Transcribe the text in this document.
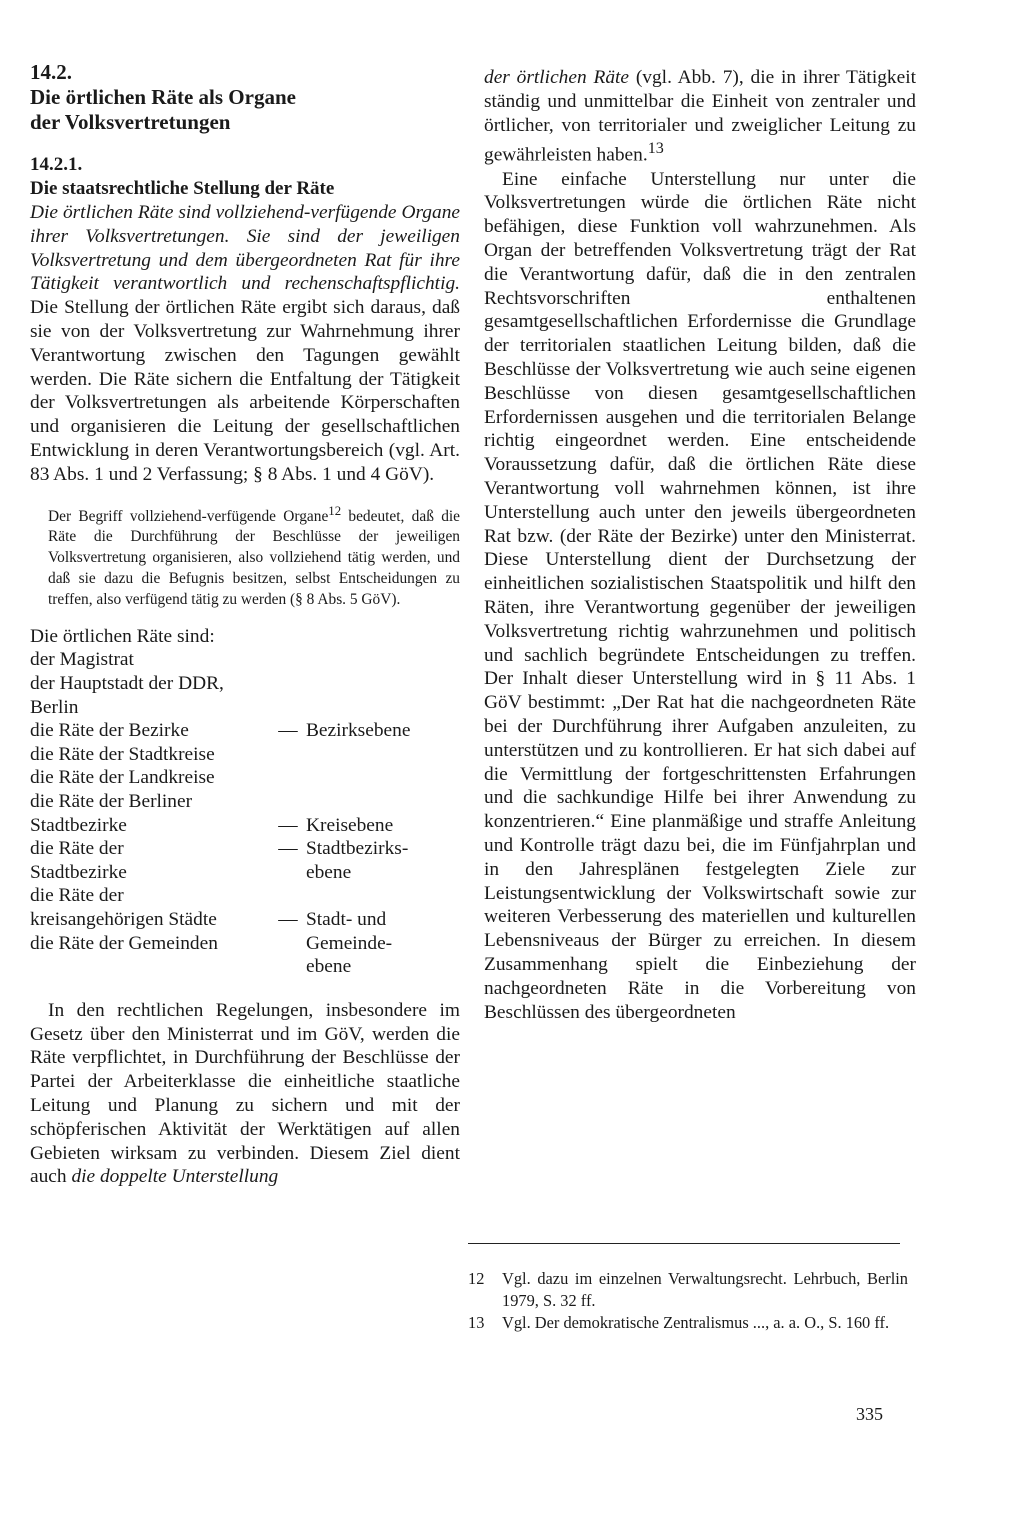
14.2.

Die örtlichen Räte als Organe

der Volksvertretungen

14.2.1.

Die staatsrechtliche Stellung der Räte

Die örtlichen Räte sind vollziehend-verfügende Organe ihrer Volksvertretungen. Sie sind der jeweiligen Volksvertretung und dem übergeordneten Rat für ihre Tätigkeit verantwortlich und rechenschaftspflichtig. Die Stellung der örtlichen Räte ergibt sich daraus, daß sie von der Volksvertretung zur Wahrnehmung ihrer Verantwortung zwischen den Tagungen gewählt werden. Die Räte sichern die Entfaltung der Tätigkeit der Volksvertretungen als arbeitende Körperschaften und organisieren die Leitung der gesellschaftlichen Entwicklung in deren Verantwortungsbereich (vgl. Art. 83 Abs. 1 und 2 Verfassung; § 8 Abs. 1 und 4 GöV).

Der Begriff vollziehend-verfügende Organe$^{12}$ bedeutet, daß die Räte die Durchführung der Beschlüsse der jeweiligen Volksvertretung organisieren, also vollziehend tätig werden, und daß sie dazu die Befugnis besitzen, selbst Entscheidungen zu treffen, also verfügend tätig zu werden (§ 8 Abs. 5 GöV).

Die örtlichen Räte sind:

der Magistrat		
der Hauptstadt der DDR,		
Berlin		
die Räte der Bezirke	—	Bezirksebene
die Räte der Stadtkreise		
die Räte der Landkreise		
die Räte der Berliner		
Stadtbezirke	—	Kreisebene
die Räte der	—	Stadtbezirks-
Stadtbezirke		ebene
die Räte der		
kreisangehörigen Städte	—	Stadt- und
die Räte der Gemeinden		Gemeinde-
		ebene

In den rechtlichen Regelungen, insbesondere im Gesetz über den Ministerrat und im GöV, werden die Räte verpflichtet, in Durchführung der Beschlüsse der Partei der Arbeiterklasse die einheitliche staatliche Leitung und Planung zu sichern und mit der schöpferischen Aktivität der Werktätigen auf allen Gebieten wirksam zu verbinden. Diesem Ziel dient auch die doppelte Unterstellung

der örtlichen Räte (vgl. Abb. 7), die in ihrer Tätigkeit ständig und unmittelbar die Einheit von zentraler und örtlicher, von territorialer und zweiglicher Leitung zu gewährleisten haben.$^{13}$

Eine einfache Unterstellung nur unter die Volksvertretungen würde die örtlichen Räte nicht befähigen, diese Funktion voll wahrzunehmen. Als Organ der betreffenden Volksvertretung trägt der Rat die Verantwortung dafür, daß die in den zentralen Rechtsvorschriften enthaltenen gesamtgesellschaftlichen Erfordernisse die Grundlage der territorialen staatlichen Leitung bilden, daß die Beschlüsse der Volksvertretung wie auch seine eigenen Beschlüsse von diesen gesamtgesellschaftlichen Erfordernissen ausgehen und die territorialen Belange richtig eingeordnet werden. Eine entscheidende Voraussetzung dafür, daß die örtlichen Räte diese Verantwortung voll wahrnehmen können, ist ihre Unterstellung auch unter den jeweils übergeordneten Rat bzw. (der Räte der Bezirke) unter den Ministerrat. Diese Unterstellung dient der Durchsetzung der einheitlichen sozialistischen Staatspolitik und hilft den Räten, ihre Verantwortung gegenüber der jeweiligen Volksvertretung richtig wahrzunehmen und politisch und sachlich begründete Entscheidungen zu treffen. Der Inhalt dieser Unterstellung wird in § 11 Abs. 1 GöV bestimmt: „Der Rat hat die nachgeordneten Räte bei der Durchführung ihrer Aufgaben anzuleiten, zu unterstützen und zu kontrollieren. Er hat sich dabei auf die Vermittlung der fortgeschrittensten Erfahrungen und die sachkundige Hilfe bei ihrer Anwendung zu konzentrieren.“ Eine planmäßige und straffe Anleitung und Kontrolle trägt dazu bei, die im Fünfjahrplan und in den Jahresplänen festgelegten Ziele zur Leistungsentwicklung der Volkswirtschaft sowie zur weiteren Verbesserung des materiellen und kulturellen Lebensniveaus der Bürger zu erreichen. In diesem Zusammenhang spielt die Einbeziehung der nachgeordneten Räte in die Vorbereitung von Beschlüssen des übergeordneten

12	Vgl. dazu im einzelnen Verwaltungsrecht. Lehrbuch, Berlin 1979, S. 32 ff.
13	Vgl. Der demokratische Zentralismus ..., a. a. O., S. 160 ff.
335
